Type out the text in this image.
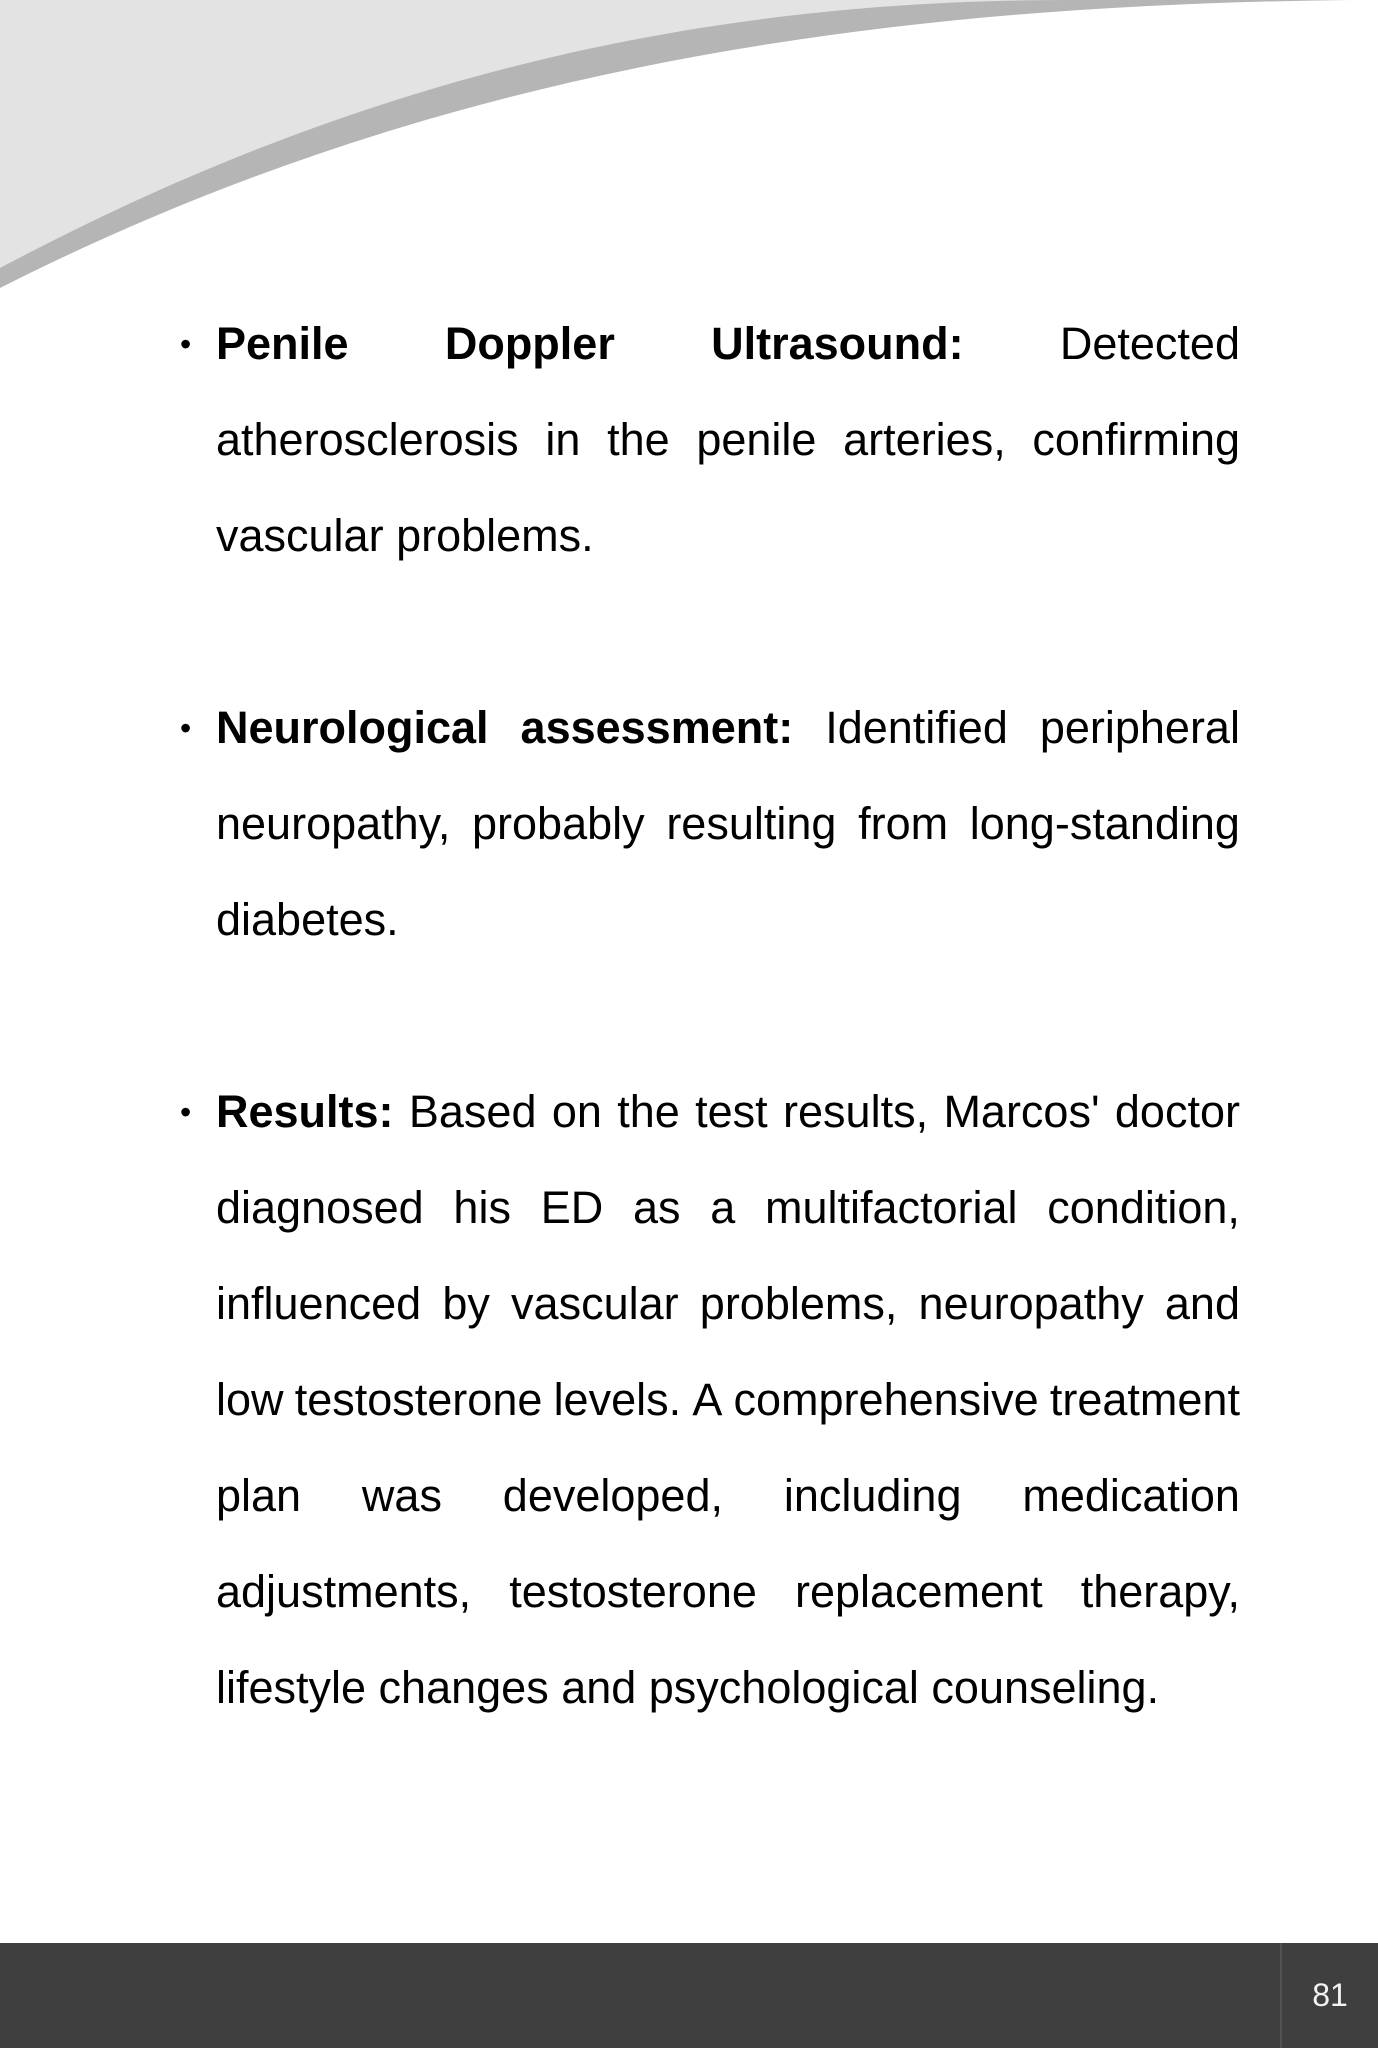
• Penile Doppler Ultrasound: Detected
atherosclerosis in the penile arteries, confirming
vascular problems.
• Neurological assessment: Identified peripheral
neuropathy, probably resulting from long-standing
diabetes.
• Results: Based on the test results, Marcos' doctor
diagnosed his ED as a multifactorial condition,
influenced by vascular problems, neuropathy and
low testosterone levels. A comprehensive treatment
plan was developed, including medication
adjustments, testosterone replacement therapy,
lifestyle changes and psychological counseling.
81
